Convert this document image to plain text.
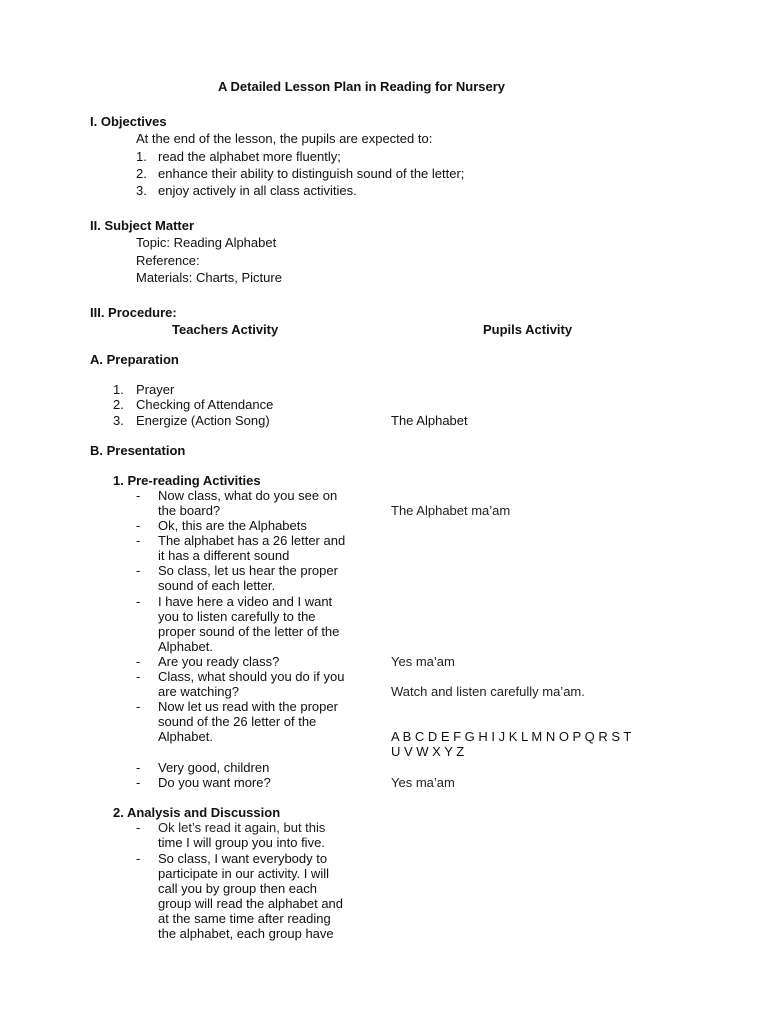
A Detailed Lesson Plan in Reading for Nursery
I. Objectives
At the end of the lesson, the pupils are expected to:
1. read the alphabet more fluently;
2. enhance their ability to distinguish sound of the letter;
3. enjoy actively in all class activities.
II. Subject Matter
Topic: Reading Alphabet
Reference:
Materials: Charts, Picture
III. Procedure:
Teachers Activity	Pupils Activity
A. Preparation
1. Prayer
2. Checking of Attendance
3. Energize (Action Song)	The Alphabet
B. Presentation
1. Pre-reading Activities
- Now class, what do you see on
the board?
- Ok, this are the Alphabets
- The alphabet has a 26 letter and
it has a different sound
- So class, let us hear the proper
sound of each letter.
- I have here a video and I want
you to listen carefully to the
proper sound of the letter of the
Alphabet.
- Are you ready class?
- Class, what should you do if you
are watching?
- Now let us read with the proper
sound of the 26 letter of the
Alphabet.
- Very good, children
- Do you want more?
The Alphabet ma’am
Yes ma’am
Watch and listen carefully ma’am.
A B C D E F G H I J K L M N O P Q R S T
U V W X Y Z
Yes ma’am
2. Analysis and Discussion
- Ok let’s read it again, but this
time I will group you into five.
- So class, I want everybody to
participate in our activity. I will
call you by group then each
group will read the alphabet and
at the same time after reading
the alphabet, each group have
